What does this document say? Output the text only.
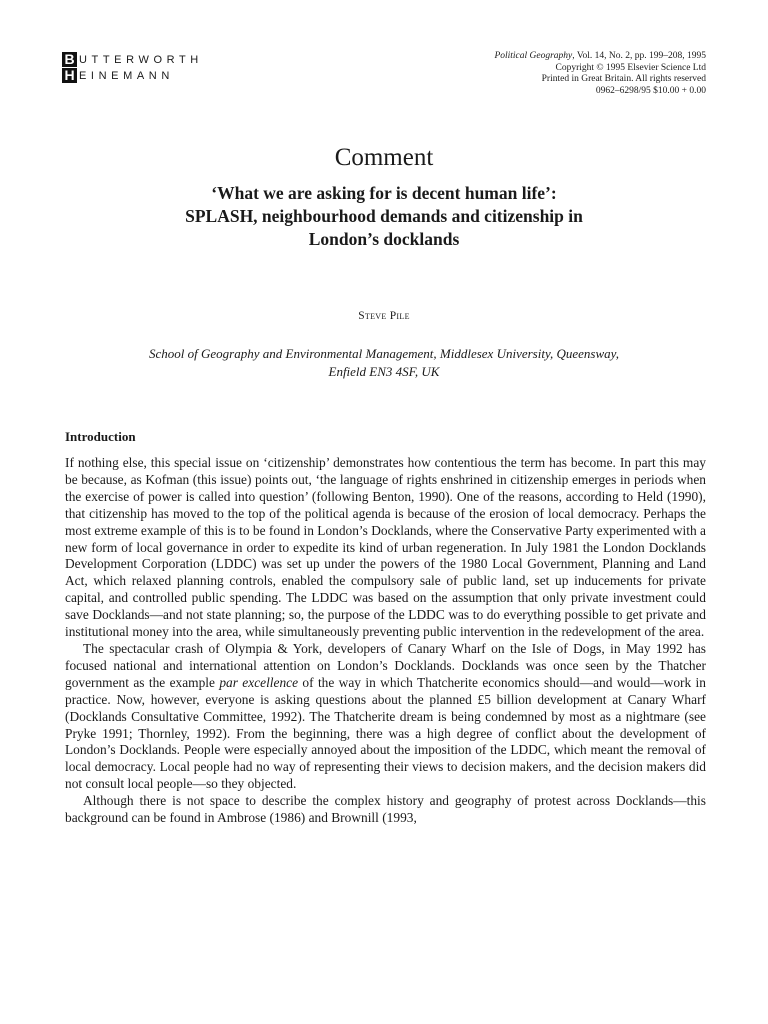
B UTTERWORTH
H EINEMANN
Political Geography, Vol. 14, No. 2, pp. 199–208, 1995
Copyright © 1995 Elsevier Science Ltd
Printed in Great Britain. All rights reserved
0962–6298/95 $10.00 + 0.00
Comment
‘What we are asking for is decent human life’:
SPLASH, neighbourhood demands and citizenship in
London’s docklands
Steve Pile
School of Geography and Environmental Management, Middlesex University, Queensway,
Enfield EN3 4SF, UK
Introduction

If nothing else, this special issue on ‘citizenship’ demonstrates how contentious the term has become. In part this may be because, as Kofman (this issue) points out, ‘the language of rights enshrined in citizenship emerges in periods when the exercise of power is called into question’ (following Benton, 1990). One of the reasons, according to Held (1990), that citizenship has moved to the top of the political agenda is because of the erosion of local democracy. Perhaps the most extreme example of this is to be found in London’s Docklands, where the Conservative Party experimented with a new form of local governance in order to expedite its kind of urban regeneration. In July 1981 the London Docklands Development Corporation (LDDC) was set up under the powers of the 1980 Local Government, Planning and Land Act, which relaxed planning controls, enabled the compulsory sale of public land, set up inducements for private capital, and controlled public spending. The LDDC was based on the assumption that only private investment could save Docklands—and not state planning; so, the purpose of the LDDC was to do everything possible to get private and institutional money into the area, while simultaneously preventing public intervention in the redevelopment of the area.

The spectacular crash of Olympia & York, developers of Canary Wharf on the Isle of Dogs, in May 1992 has focused national and international attention on London’s Docklands. Docklands was once seen by the Thatcher government as the example par excellence of the way in which Thatcherite economics should—and would—work in practice. Now, however, everyone is asking questions about the planned £5 billion development at Canary Wharf (Docklands Consultative Committee, 1992). The Thatcherite dream is being condemned by most as a nightmare (see Pryke 1991; Thornley, 1992). From the beginning, there was a high degree of conflict about the development of London’s Docklands. People were especially annoyed about the imposition of the LDDC, which meant the removal of local democracy. Local people had no way of representing their views to decision makers, and the decision makers did not consult local people—so they objected.

Although there is not space to describe the complex history and geography of protest across Docklands—this background can be found in Ambrose (1986) and Brownill (1993,
